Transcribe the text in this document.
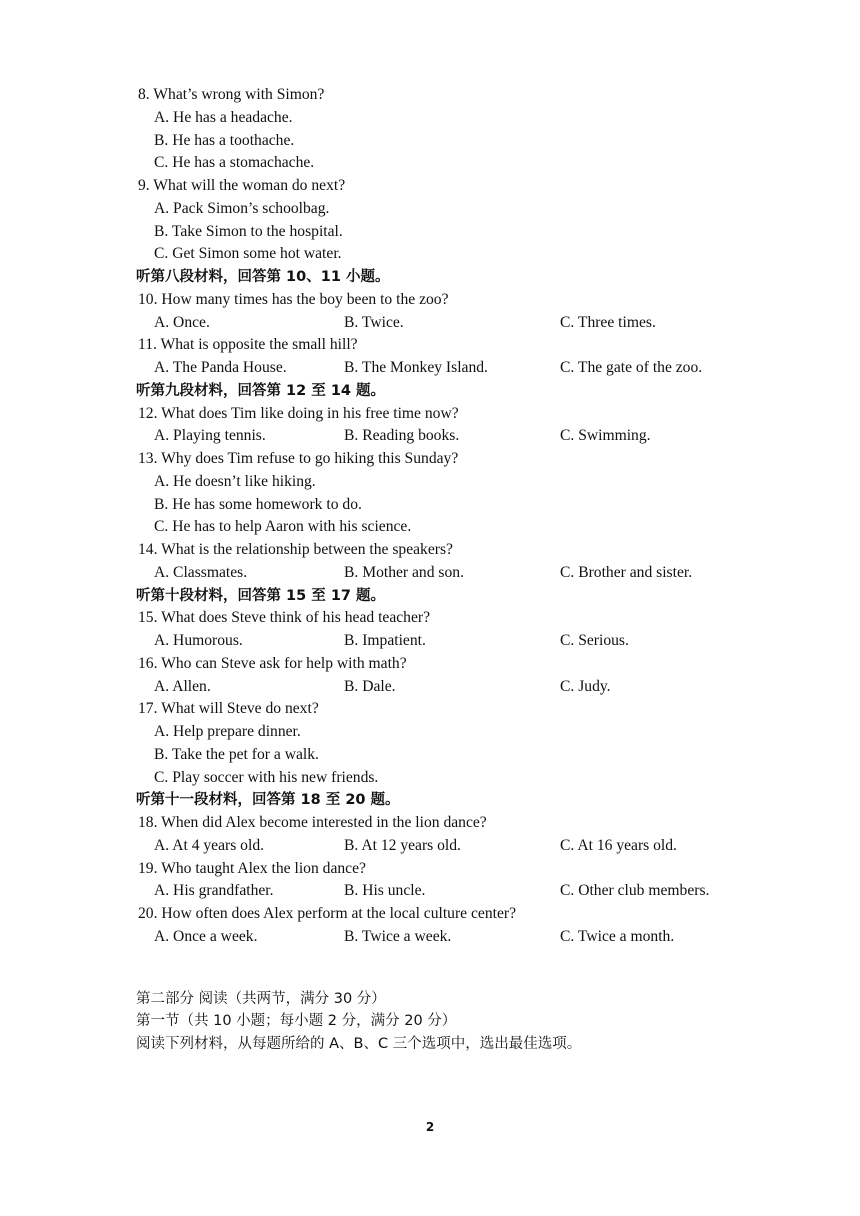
8. What’s wrong with Simon?
A. He has a headache.
B. He has a toothache.
C. He has a stomachache.
9. What will the woman do next?
A. Pack Simon’s schoolbag.
B. Take Simon to the hospital.
C. Get Simon some hot water.
听第八段材料，回答第 10、11 小题。
10. How many times has the boy been to the zoo?
A. Once.	B. Twice.	C. Three times.
11. What is opposite the small hill?
A. The Panda House.	B. The Monkey Island.	C. The gate of the zoo.
听第九段材料，回答第 12 至 14 题。
12. What does Tim like doing in his free time now?
A. Playing tennis.	B. Reading books.	C. Swimming.
13. Why does Tim refuse to go hiking this Sunday?
A. He doesn’t like hiking.
B. He has some homework to do.
C. He has to help Aaron with his science.
14. What is the relationship between the speakers?
A. Classmates.	B. Mother and son.	C. Brother and sister.
听第十段材料，回答第 15 至 17 题。
15. What does Steve think of his head teacher?
A. Humorous.	B. Impatient.	C. Serious.
16. Who can Steve ask for help with math?
A. Allen.	B. Dale.	C. Judy.
17. What will Steve do next?
A. Help prepare dinner.
B. Take the pet for a walk.
C. Play soccer with his new friends.
听第十一段材料，回答第 18 至 20 题。
18. When did Alex become interested in the lion dance?
A. At 4 years old.	B. At 12 years old.	C. At 16 years old.
19. Who taught Alex the lion dance?
A. His grandfather.	B. His uncle.	C. Other club members.
20. How often does Alex perform at the local culture center?
A. Once a week.	B. Twice a week.	C. Twice a month.
第二部分 阅读（共两节，满分 30 分）
第一节（共 10 小题；每小题 2 分，满分 20 分）
阅读下列材料，从每题所给的 A、B、C 三个选项中，选出最佳选项。
2
